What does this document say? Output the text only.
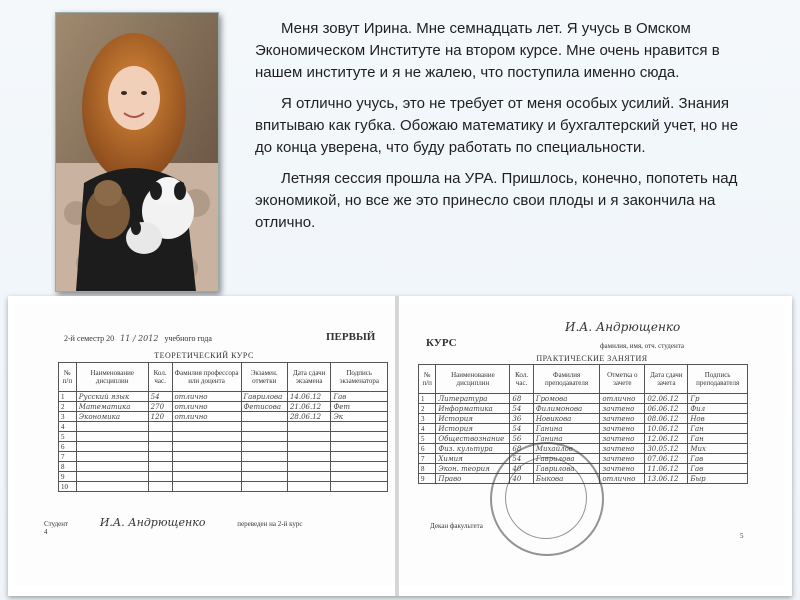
Меня зовут Ирина. Мне семнадцать лет. Я учусь в Омском Экономическом Институте на втором курсе. Мне очень нравится в нашем институте и я не жалею, что поступила именно сюда.

Я отлично учусь, это не требует от меня особых усилий. Знания впитываю как губка. Обожаю математику и бухгалтерский учет, но не до конца уверена, что буду работать по специальности.

Летняя сессия прошла на УРА. Пришлось, конечно, попотеть над экономикой, но все же это принесло свои плоды и я закончила на отлично.

2-й семестр 20 11 / 2012 учебного года	ПЕРВЫЙ
ТЕОРЕТИЧЕСКИЙ КУРС
№ п/п	Наименование дисциплин	Кол. час.	Фамилия профессора или доцента	Экзамен. отметки	Дата сдачи экзамена	Подпись экзаменатора
1	Русский язык	54	отлично	Гаврилова	14.06.12	Гав
2	Математика	270	отлично	Фетисова	21.06.12	Фет
3	Экономика	120	отлично		28.06.12	Эк
4						
5						
6						
7						
8						
9						
10						
Студент	И.А. Андрющенко	переведен на 2-й курс
4
КУРС
И.А. Андрющенко
фамилия, имя, отч. студента
ПРАКТИЧЕСКИЕ ЗАНЯТИЯ
№ п/п	Наименование дисциплин	Кол. час.	Фамилия преподавателя	Отметка о зачете	Дата сдачи зачета	Подпись преподавателя
1	Литература	68	Громова	отлично	02.06.12	Гр
2	Информатика	54	Филимонова	зачтено	06.06.12	Фил
3	История	36	Новикова	зачтено	08.06.12	Нов
4	История	54	Ганина	зачтено	10.06.12	Ган
5	Обществознание	56	Ганина	зачтено	12.06.12	Ган
6	Физ. культура	68	Михайлов	зачтено	30.05.12	Мих
7	Химия	54	Гаврилова	зачтено	07.06.12	Гав
8	Экон. теория	40	Гаврилова	зачтено	11.06.12	Гав
9	Право	40	Быкова	отлично	13.06.12	Быр
Декан факультета
5
